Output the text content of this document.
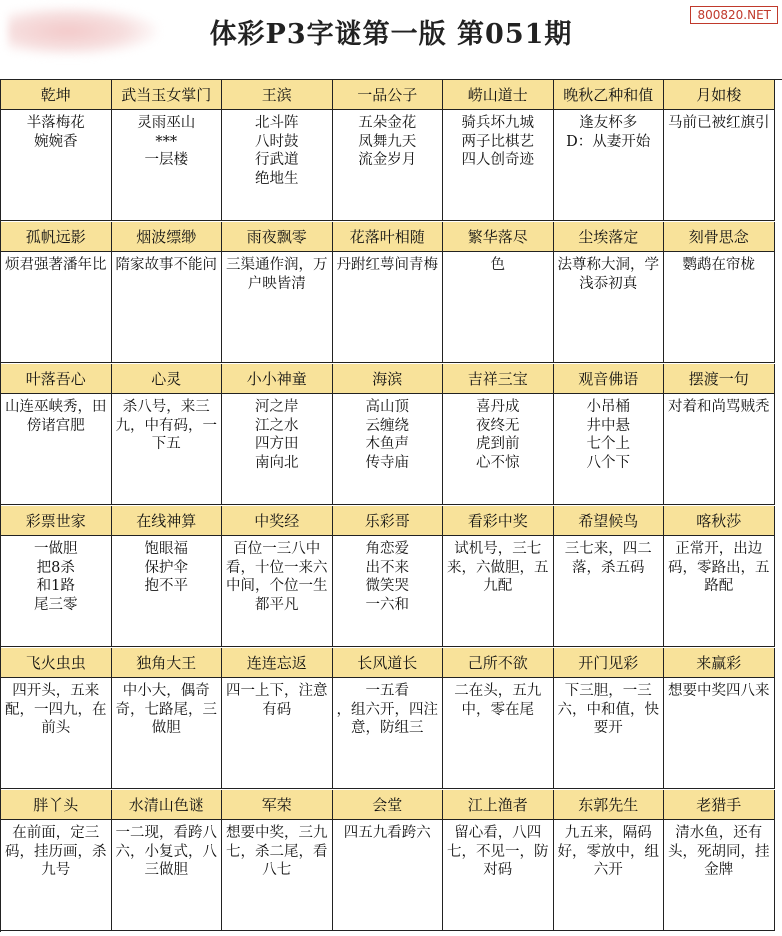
体彩P3字谜第一版 第051期
800820.NET
乾坤
半落梅花
婉婉香
武当玉女掌门
灵雨巫山
***
一层楼
王滨
北斗阵
八时鼓
行武道
绝地生
一品公子
五朵金花
凤舞九天
流金岁月
崂山道士
骑兵坏九城
两子比棋艺
四人创奇迹
晚秋乙种和值
逢友杯多
D：从妻开始
月如梭
马前已被红旗引
孤帆远影
烦君强著潘年比
烟波缥缈
隋家故事不能问
雨夜飘零
三渠通作润，万户映皆清
花落叶相随
丹跗红萼间青梅
繁华落尽
色
尘埃落定
法尊称大洞，学浅忝初真
刻骨思念
鹦鹉在帘栊
叶落吾心
山连巫峡秀，田傍诸宫肥
心灵
杀八号，来三九，中有码，一下五
小小神童
河之岸
江之水
四方田
南向北
海滨
高山顶
云缠绕
木鱼声
传寺庙
吉祥三宝
喜丹成
夜终无
虎到前
心不惊
观音佛语
小吊桶
井中悬
七个上
八个下
摆渡一句
对着和尚骂贼秃
彩票世家
一做胆
把8杀
和1路
尾三零
在线神算
饱眼福
保护伞
抱不平
中奖经
百位一三八中看，十位一来六中间，个位一生都平凡
乐彩哥
角恋爱
出不来
微笑哭
一六和
看彩中奖
试机号，三七来，六做胆，五九配
希望候鸟
三七来，四二落，杀五码
喀秋莎
正常开，出边码，零路出，五路配
飞火虫虫
四开头，五来配，一四九，在前头
独角大王
中小大，偶奇奇，七路尾，三做胆
连连忘返
四一上下，注意有码
长风道长
一五看
，组六开，四注意，防组三
己所不欲
二在头，五九中，零在尾
开门见彩
下三胆，一三六，中和值，快要开
来赢彩
想要中奖四八来
胖丫头
在前面，定三码，挂历画，杀九号
水清山色谜
一二现，看跨八六，小复式，八三做胆
军荣
想要中奖，三九七，杀二尾，看八七
会堂
四五九看跨六
江上渔者
留心看，八四七，不见一，防对码
东郭先生
九五来，隔码好，零放中，组六开
老猎手
清水鱼，还有头，死胡同，挂金牌
